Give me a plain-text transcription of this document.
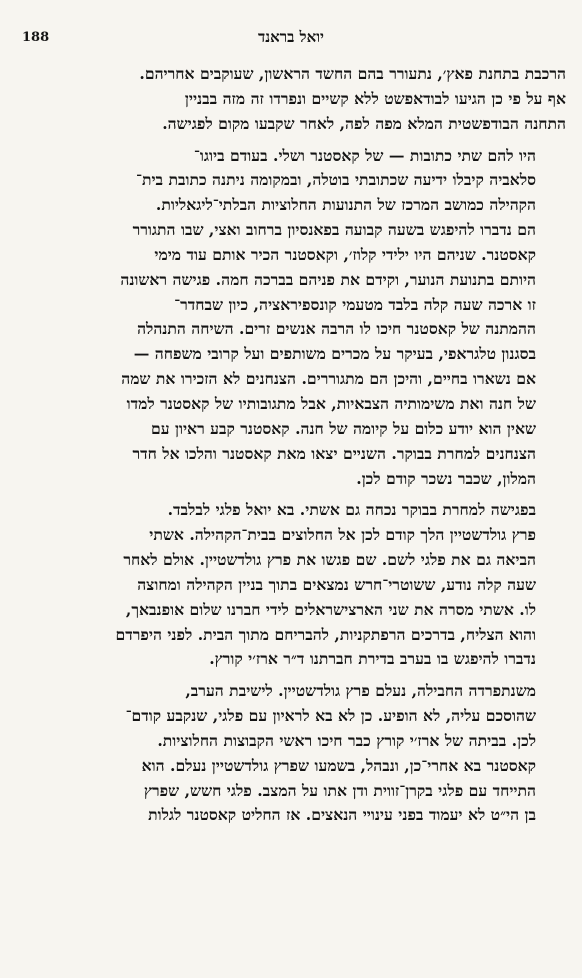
188	יואל בראנד

הרכבת בתחנת פאץ׳, נתעורר בהם החשד הראשון, שעוקבים אחריהם.
אף על פי כן הגיעו לבודאפשט ללא קשיים ונפרדו זה מזה בבניין
התחנה הבודפשטית המלא מפה לפה, לאחר שקבעו מקום לפגישה.

היו להם שתי כתובות — של קאסטנר ושלי. בעודם ביוגו־
סלאביה קיבלו ידיעה שכתובתי בוטלה, ובמקומה ניתנה כתובת בית־
הקהילה כמושב המרכז של התנועות החלוציות הבלתי־ליגאליות.
הם נדברו להיפגש בשעה קבועה בפאנסיון ברחוב ואצי, שבו התגורר
קאסטנר. שניהם היו ילידי קלוז׳, וקאסטנר הכיר אותם עוד מימי
היותם בתנועת הנוער, וקידם את פניהם בברכה חמה. פגישה ראשונה
זו ארכה שעה קלה בלבד מטעמי קונספיראציה, כיון שבחדר־
ההמתנה של קאסטנר חיכו לו הרבה אנשים זרים. השיחה התנהלה
בסגנון טלגראפי, בעיקר על מכרים משותפים ועל קרובי משפחה —
אם נשארו בחיים, והיכן הם מתגוררים. הצנחנים לא הזכירו את שמה
של חנה ואת משימותיה הצבאיות, אבל מתגובותיו של קאסטנר למדו
שאין הוא יודע כלום על קיומה של חנה. קאסטנר קבע ראיון עם
הצנחנים למחרת בבוקר. השניים יצאו מאת קאסטנר והלכו אל חדר
המלון, שכבר נשכר קודם לכן.

בפגישה למחרת בבוקר נכחה גם אשתי. בא יואל פלגי לבלבד.
פרץ גולדשטיין הלך קודם לכן אל החלוצים בבית־הקהילה. אשתי
הביאה גם את פלגי לשם. שם פגשו את פרץ גולדשטיין. אולם לאחר
שעה קלה נודע, ששוטרי־חרש נמצאים בתוך בניין הקהילה ומחוצה
לו. אשתי מסרה את שני הארצישראלים לידי חברנו שלום אופנבאך,
והוא הצליח, בדרכים הרפתקניות, להבריחם מתוך הבית. לפני היפרדם
נדברו להיפגש בו בערב בדירת חברתנו ד״ר ארז׳י קורץ.

משנתפרדה החבילה, נעלם פרץ גולדשטיין. לישיבת הערב,
שהוסכם עליה, לא הופיע. כן לא בא לראיון עם פלגי, שנקבע קודם־
לכן. בביתה של ארז׳י קורץ כבר חיכו ראשי הקבוצות החלוציות.
קאסטנר בא אחרי־כן, ונבהל, בשמעו שפרץ גולדשטיין נעלם. הוא
התייחד עם פלגי בקרן־זווית ודן אתו על המצב. פלגי חשש, שפרץ
בן הי״ט לא יעמוד בפני עינויי הנאצים. אז החליט קאסטנר לגלות
